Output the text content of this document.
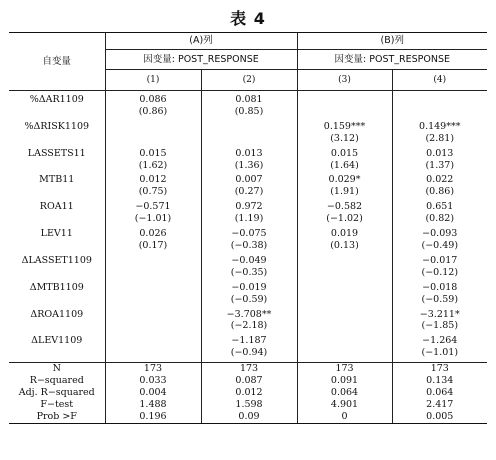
表 4
自变量	(A)列		(B)列	
	因变量: POST_RESPONSE		因变量: POST_RESPONSE	
	(1)	(2)	(3)	(4)

%ΔAR1109	0.086	0.081		
	(0.86)	(0.85)		

%ΔRISK1109			0.159***	0.149***
			(3.12)	(2.81)

LASSETS11	0.015	0.013	0.015	0.013
	(1.62)	(1.36)	(1.64)	(1.37)

MTB11	0.012	0.007	0.029*	0.022
	(0.75)	(0.27)	(1.91)	(0.86)

ROA11	−0.571	0.972	−0.582	0.651
	(−1.01)	(1.19)	(−1.02)	(0.82)

LEV11	0.026	−0.075	0.019	−0.093
	(0.17)	(−0.38)	(0.13)	(−0.49)

ΔLASSET1109		−0.049		−0.017
		(−0.35)		(−0.12)

ΔMTB1109		−0.019		−0.018
		(−0.59)		(−0.59)

ΔROA1109		−3.708**		−3.211*
		(−2.18)		(−1.85)

ΔLEV1109		−1.187		−1.264
		(−0.94)		(−1.01)

N	173	173	173	173
R−squared	0.033	0.087	0.091	0.134
Adj. R−squared	0.004	0.012	0.064	0.064
F−test	1.488	1.598	4.901	2.417
Prob >F	0.196	0.09	0	0.005
